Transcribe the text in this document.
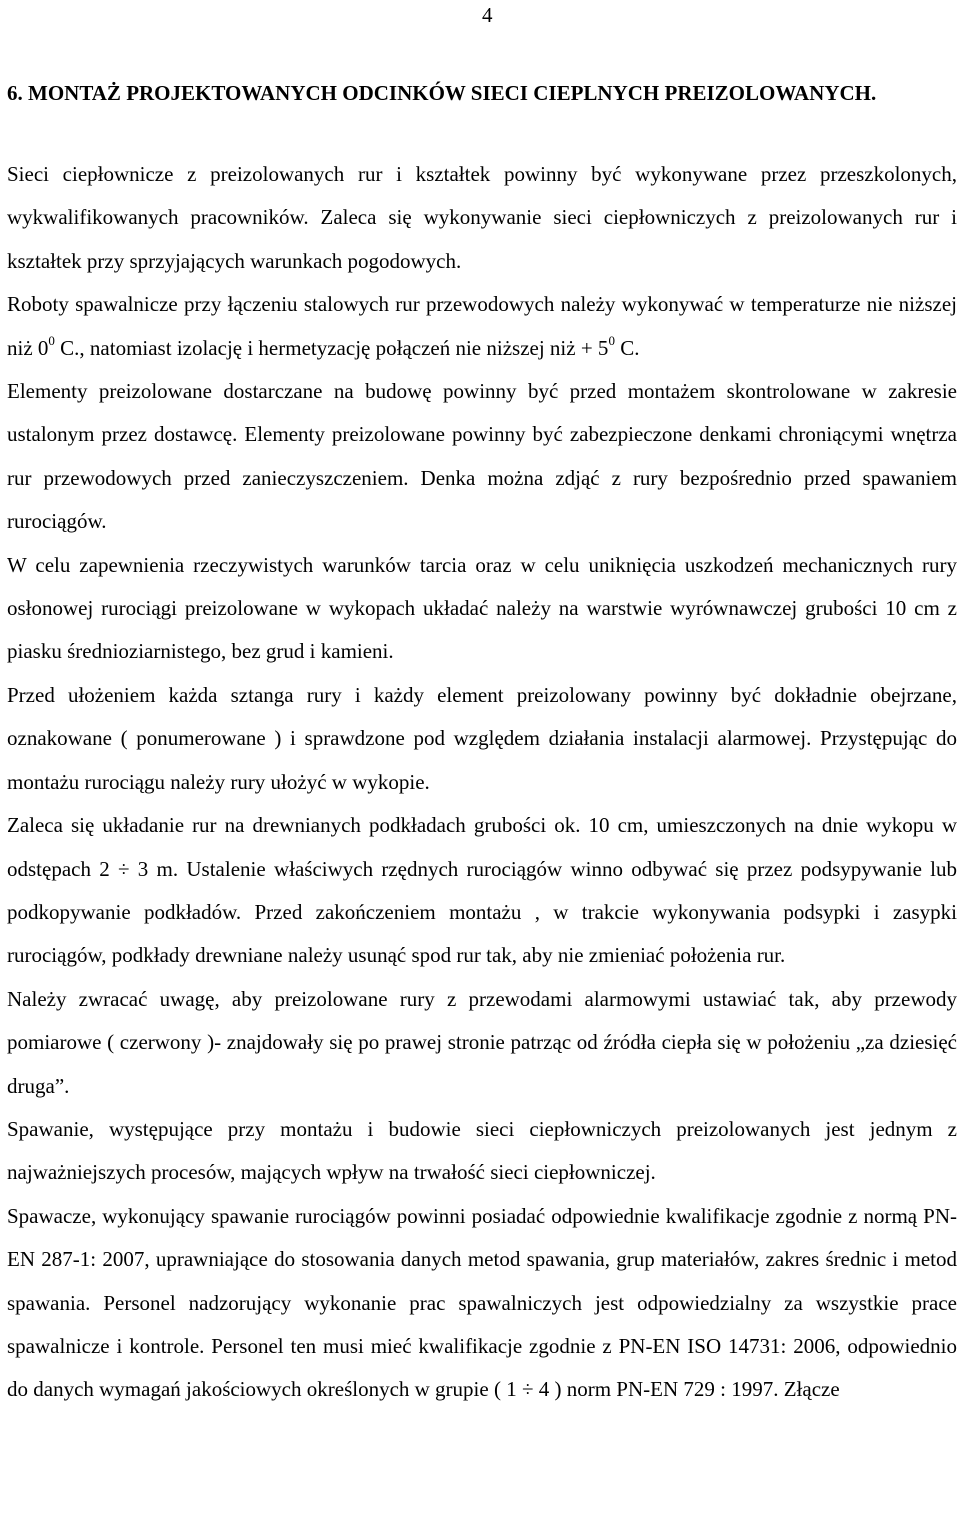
4
6. MONTAŻ PROJEKTOWANYCH ODCINKÓW SIECI CIEPLNYCH PREIZOLOWANYCH.

Sieci ciepłownicze z preizolowanych rur i kształtek powinny być wykonywane przez przeszkolonych, wykwalifikowanych pracowników. Zaleca się wykonywanie sieci ciepłowniczych z preizolowanych rur i kształtek przy sprzyjających warunkach pogodowych.

Roboty spawalnicze przy łączeniu stalowych rur przewodowych należy wykonywać w temperaturze nie niższej niż $0^0$ C., natomiast izolację i hermetyzację połączeń nie niższej niż + $5^0$ C.

Elementy preizolowane dostarczane na budowę powinny być przed montażem skontrolowane w zakresie ustalonym przez dostawcę. Elementy preizolowane powinny być zabezpieczone denkami chroniącymi wnętrza rur przewodowych przed zanieczyszczeniem. Denka można zdjąć z rury bezpośrednio przed spawaniem rurociągów.

W celu zapewnienia rzeczywistych warunków tarcia oraz w celu uniknięcia uszkodzeń mechanicznych rury osłonowej rurociągi preizolowane w wykopach układać należy na warstwie wyrównawczej grubości 10 cm z piasku średnioziarnistego, bez grud i kamieni.

Przed ułożeniem każda sztanga rury i każdy element preizolowany powinny być dokładnie obejrzane, oznakowane ( ponumerowane ) i sprawdzone pod względem działania instalacji alarmowej. Przystępując do montażu rurociągu należy rury ułożyć w wykopie.

Zaleca się układanie rur na drewnianych podkładach grubości ok. 10 cm, umieszczonych na dnie wykopu w odstępach 2 ÷ 3 m. Ustalenie właściwych rzędnych rurociągów winno odbywać się przez podsypywanie lub podkopywanie podkładów. Przed zakończeniem montażu , w trakcie wykonywania podsypki i zasypki rurociągów, podkłady drewniane należy usunąć spod rur tak, aby nie zmieniać położenia rur.

Należy zwracać uwagę, aby preizolowane rury z przewodami alarmowymi ustawiać tak, aby przewody pomiarowe ( czerwony )- znajdowały się po prawej stronie patrząc od źródła ciepła się w położeniu „za dziesięć druga”.

Spawanie, występujące przy montażu i budowie sieci ciepłowniczych preizolowanych jest jednym z najważniejszych procesów, mających wpływ na trwałość sieci ciepłowniczej.

Spawacze, wykonujący spawanie rurociągów powinni posiadać odpowiednie kwalifikacje zgodnie z normą PN-EN 287-1: 2007, uprawniające do stosowania danych metod spawania, grup materiałów, zakres średnic i metod spawania. Personel nadzorujący wykonanie prac spawalniczych jest odpowiedzialny za wszystkie prace spawalnicze i kontrole. Personel ten musi mieć kwalifikacje zgodnie z PN-EN ISO 14731: 2006, odpowiednio do danych wymagań jakościowych określonych w grupie ( 1 ÷ 4 ) norm PN-EN 729 : 1997. Złącze
